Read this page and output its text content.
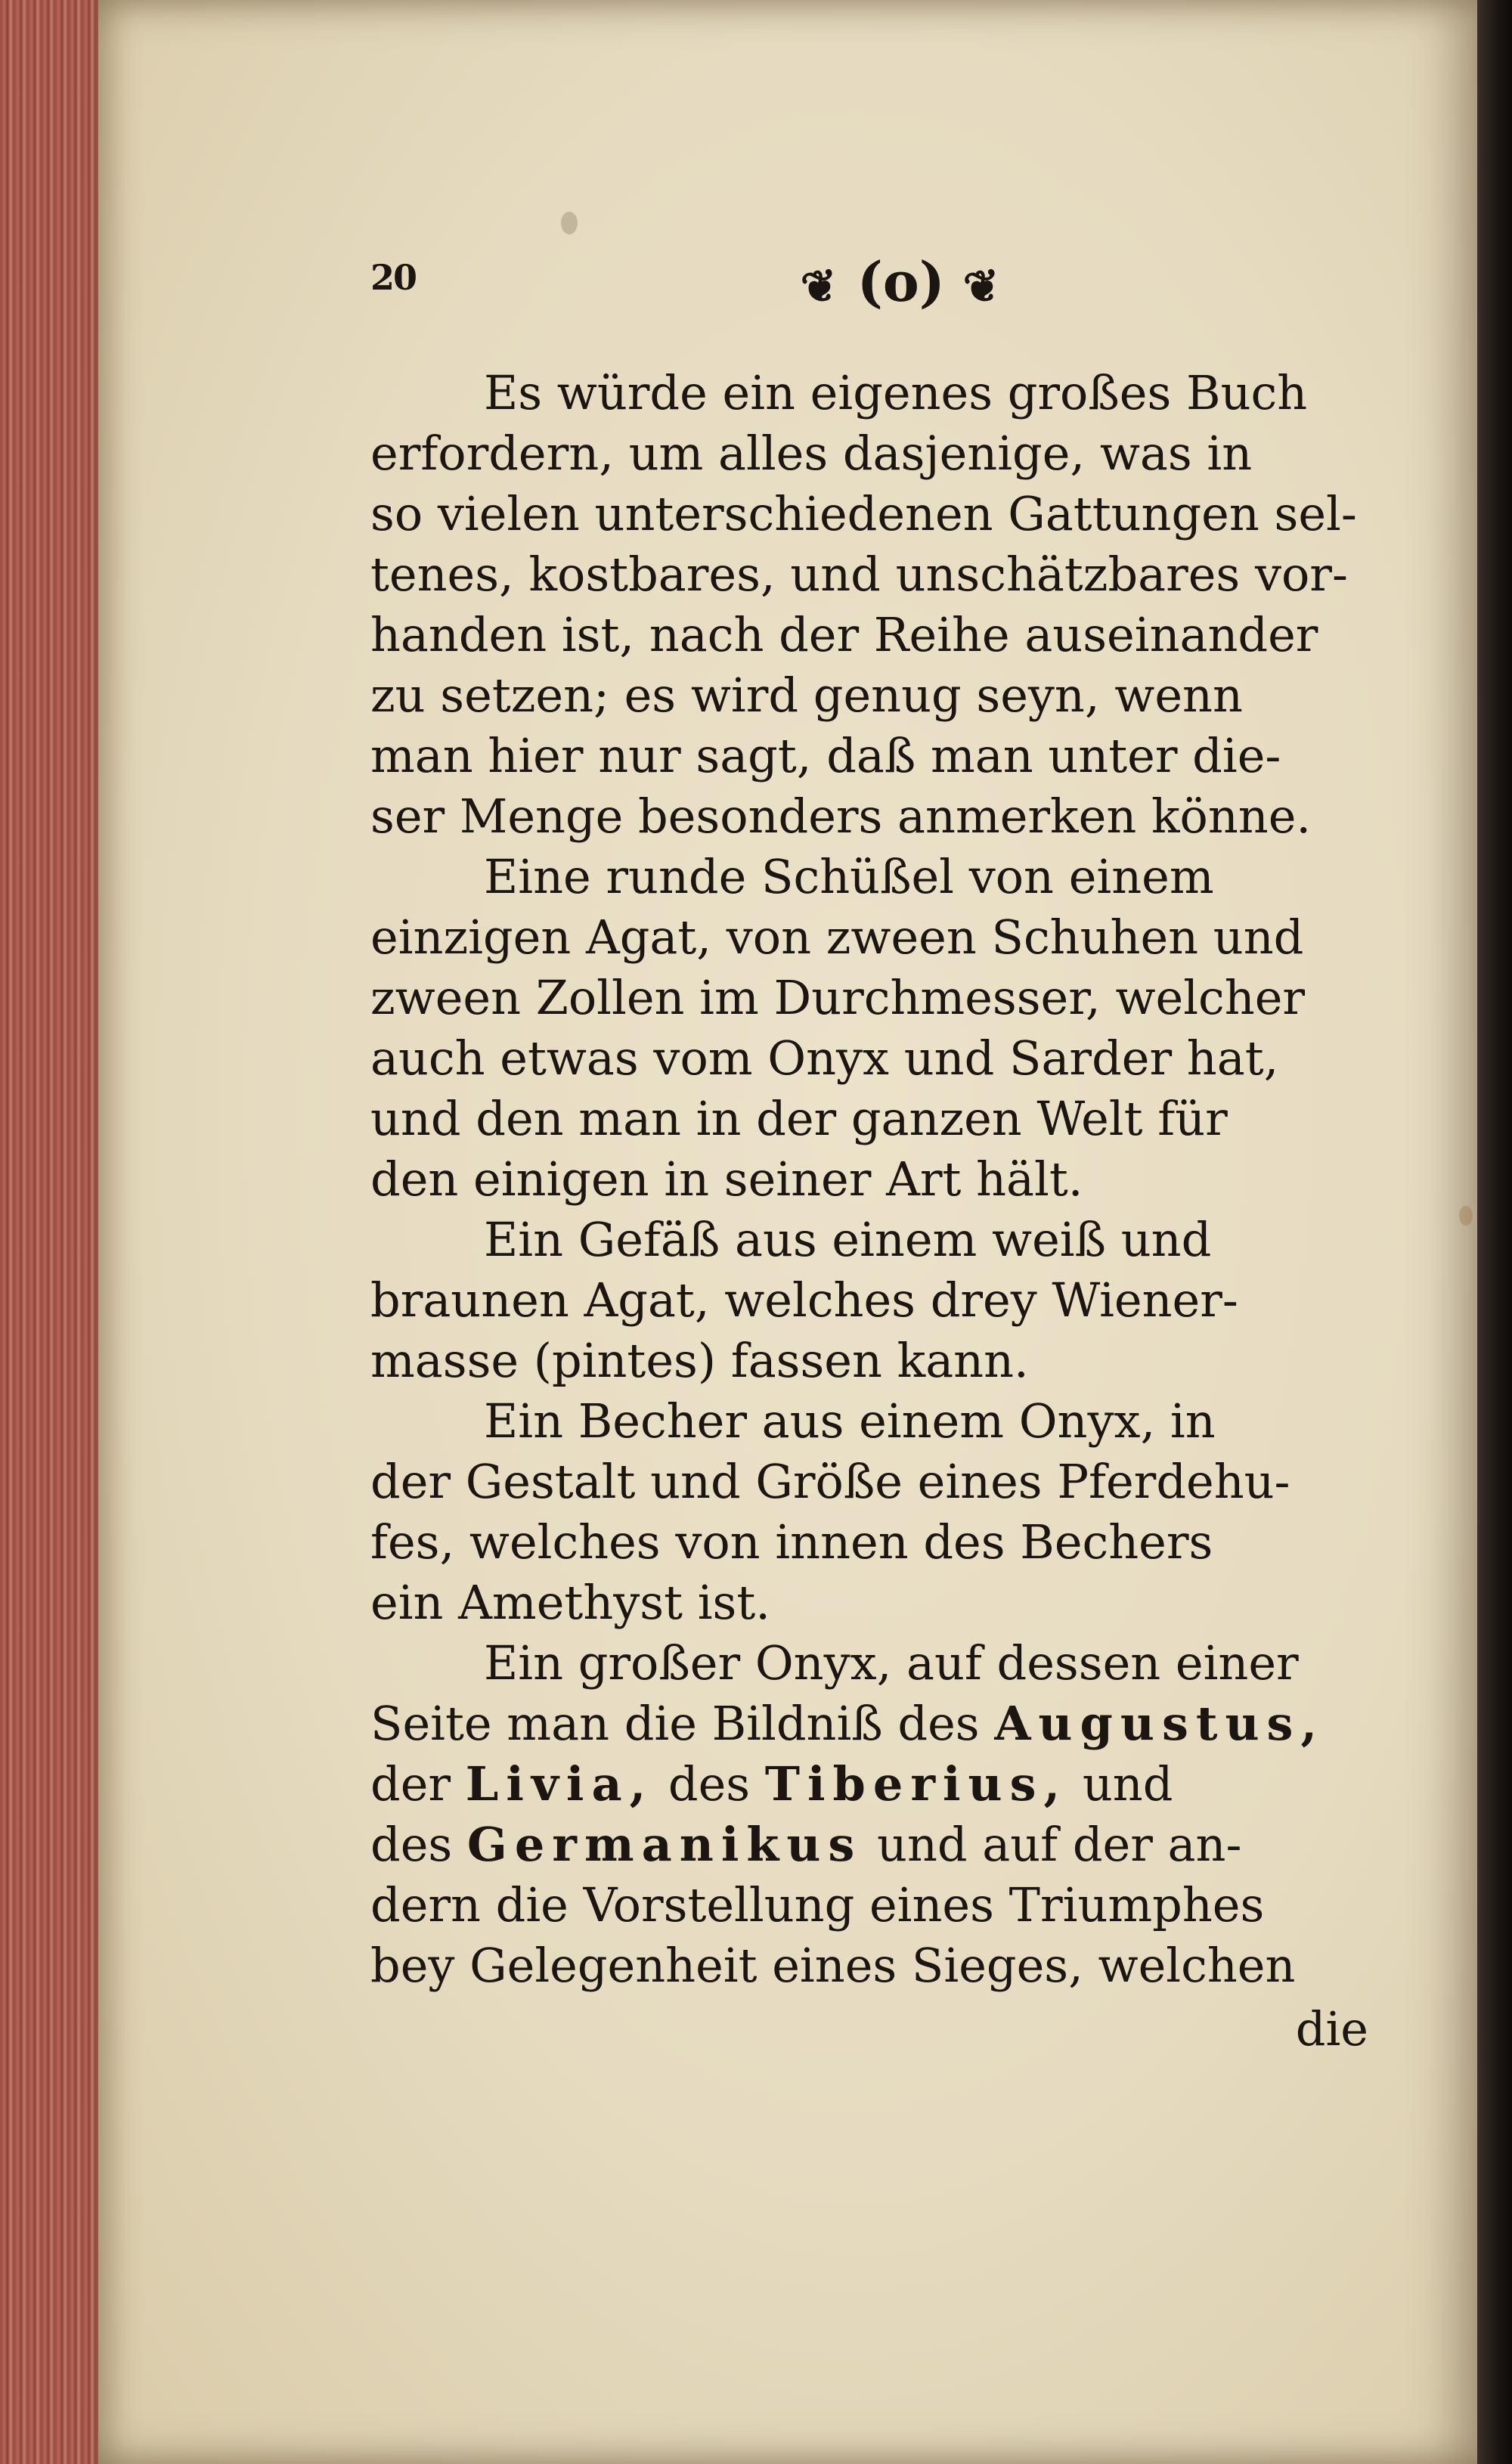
20	❦ (o) ❦

Es würde ein eigenes großes Buch
erfordern, um alles dasjenige, was in
so vielen unterschiedenen Gattungen sel-
tenes, kostbares, und unschätzbares vor-
handen ist, nach der Reihe auseinander
zu setzen; es wird genug seyn, wenn
man hier nur sagt, daß man unter die-
ser Menge besonders anmerken könne.

Eine runde Schüßel von einem
einzigen Agat, von zween Schuhen und
zween Zollen im Durchmesser, welcher
auch etwas vom Onyx und Sarder hat,
und den man in der ganzen Welt für
den einigen in seiner Art hält.

Ein Gefäß aus einem weiß und
braunen Agat, welches drey Wiener-
masse (pintes) fassen kann.

Ein Becher aus einem Onyx, in
der Gestalt und Größe eines Pferdehu-
fes, welches von innen des Bechers
ein Amethyst ist.

Ein großer Onyx, auf dessen einer
Seite man die Bildniß des Augustus,
der Livia, des Tiberius, und
des Germanikus und auf der an-
dern die Vorstellung eines Triumphes
bey Gelegenheit eines Sieges, welchen

die
